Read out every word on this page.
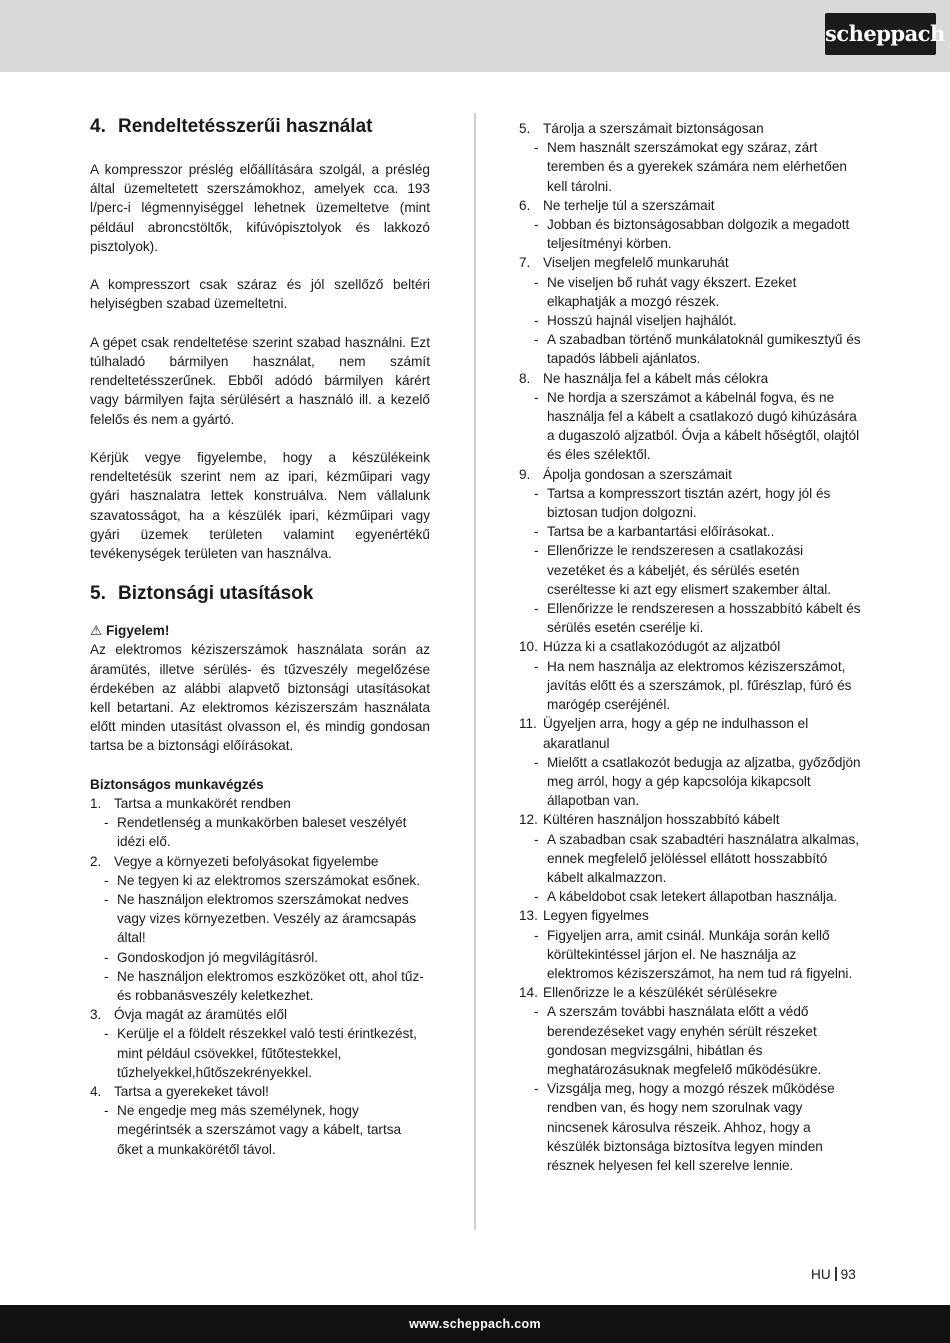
scheppach
4. Rendeltetésszerűi használat

A kompresszor préslég előállítására szolgál, a préslég által üzemeltetett szerszámokhoz, amelyek cca. 193 l/perc-i légmennyiséggel lehetnek üzemeltetve (mint például abroncstöltők, kifúvópisztolyok és lakkozó pisztolyok).

A kompresszort csak száraz és jól szellőző beltéri helyiségben szabad üzemeltetni.

A gépet csak rendeltetése szerint szabad használni. Ezt túlhaladó bármilyen használat, nem számít rendeltetésszerűnek. Ebből adódó bármilyen kárért vagy bármilyen fajta sérülésért a használó ill. a kezelő felelős és nem a gyártó.

Kérjük vegye figyelembe, hogy a készülékeink rendeltetésük szerint nem az ipari, kézműipari vagy gyári hasznalatra lettek konstruálva. Nem vállalunk szavatosságot, ha a készülék ipari, kézműipari vagy gyári üzemek területen valamint egyenértékű tevékenységek területen van használva.

5. Biztonsági utasítások
⚠ Figyelem!

Az elektromos kéziszerszámok használata során az áramütés, illetve sérülés- és tűzveszély megelőzése érdekében az alábbi alapvető biztonsági utasításokat kell betartani. Az elektromos kéziszerszám használata előtt minden utasítást olvasson el, és mindig gondosan tartsa be a biztonsági előírásokat.

Biztonságos munkavégzés
1. Tartsa a munkakörét rendben
- Rendetlenség a munkakörben baleset veszélyét idézi elő.
2. Vegye a környezeti befolyásokat figyelembe
- Ne tegyen ki az elektromos szerszámokat esőnek.
- Ne használjon elektromos szerszámokat nedves vagy vizes környezetben. Veszély az áramcsapás által!
- Gondoskodjon jó megvilágításról.
- Ne használjon elektromos eszközöket ott, ahol tűz- és robbanásveszély keletkezhet.
3. Óvja magát az áramütés elől
- Kerülje el a földelt részekkel való testi érintkezést, mint például csövekkel, fűtőtestekkel, tűzhelyekkel,hűtőszekrényekkel.
4. Tartsa a gyerekeket távol!
- Ne engedje meg más személynek, hogy megérintsék a szerszámot vagy a kábelt, tartsa őket a munkakörétől távol.
5. Tárolja a szerszámait biztonságosan
- Nem használt szerszámokat egy száraz, zárt teremben és a gyerekek számára nem elérhetően kell tárolni.
6. Ne terhelje túl a szerszámait
- Jobban és biztonságosabban dolgozik a megadott teljesítményi körben.
7. Viseljen megfelelő munkaruhát
- Ne viseljen bő ruhát vagy ékszert. Ezeket elkaphatják a mozgó részek.
- Hosszú hajnál viseljen hajhálót.
- A szabadban történő munkálatoknál gumikesztyű és tapadós lábbeli ajánlatos.
8. Ne használja fel a kábelt más célokra
- Ne hordja a szerszámot a kábelnál fogva, és ne használja fel a kábelt a csatlakozó dugó kihúzására a dugaszoló aljzatból. Óvja a kábelt hőségtől, olajtól és éles szélektől.
9. Ápolja gondosan a szerszámait
- Tartsa a kompresszort tisztán azért, hogy jól és biztosan tudjon dolgozni.
- Tartsa be a karbantartási előírásokat..
- Ellenőrizze le rendszeresen a csatlakozási vezetéket és a kábeljét, és sérülés esetén cseréltesse ki azt egy elismert szakember által.
- Ellenőrizze le rendszeresen a hosszabbító kábelt és sérülés esetén cserélje ki.
10. Húzza ki a csatlakozódugót az aljzatból
- Ha nem használja az elektromos kéziszerszámot, javítás előtt és a szerszámok, pl. fűrészlap, fúró és marógép cseréjénél.
11. Ügyeljen arra, hogy a gép ne indulhasson el akaratlanul
- Mielőtt a csatlakozót bedugja az aljzatba, győződjön meg arról, hogy a gép kapcsolója kikapcsolt állapotban van.
12. Kültéren használjon hosszabbító kábelt
- A szabadban csak szabadtéri használatra alkalmas, ennek megfelelő jelöléssel ellátott hosszabbító kábelt alkalmazzon.
- A kábeldobot csak letekert állapotban használja.
13. Legyen figyelmes
- Figyeljen arra, amit csinál. Munkája során kellő körültekintéssel járjon el. Ne használja az elektromos kéziszerszámot, ha nem tud rá figyelni.
14. Ellenőrizze le a készülékét sérülésekre
- A szerszám további használata előtt a védő berendezéseket vagy enyhén sérült részeket gondosan megvizsgálni, hibátlan és meghatározásuknak megfelelő működésükre.
- Vizsgálja meg, hogy a mozgó részek működése rendben van, és hogy nem szorulnak vagy nincsenek károsulva részeik. Ahhoz, hogy a készülék biztonsága biztosítva legyen minden résznek helyesen fel kell szerelve lennie.
HU 93
www.scheppach.com
